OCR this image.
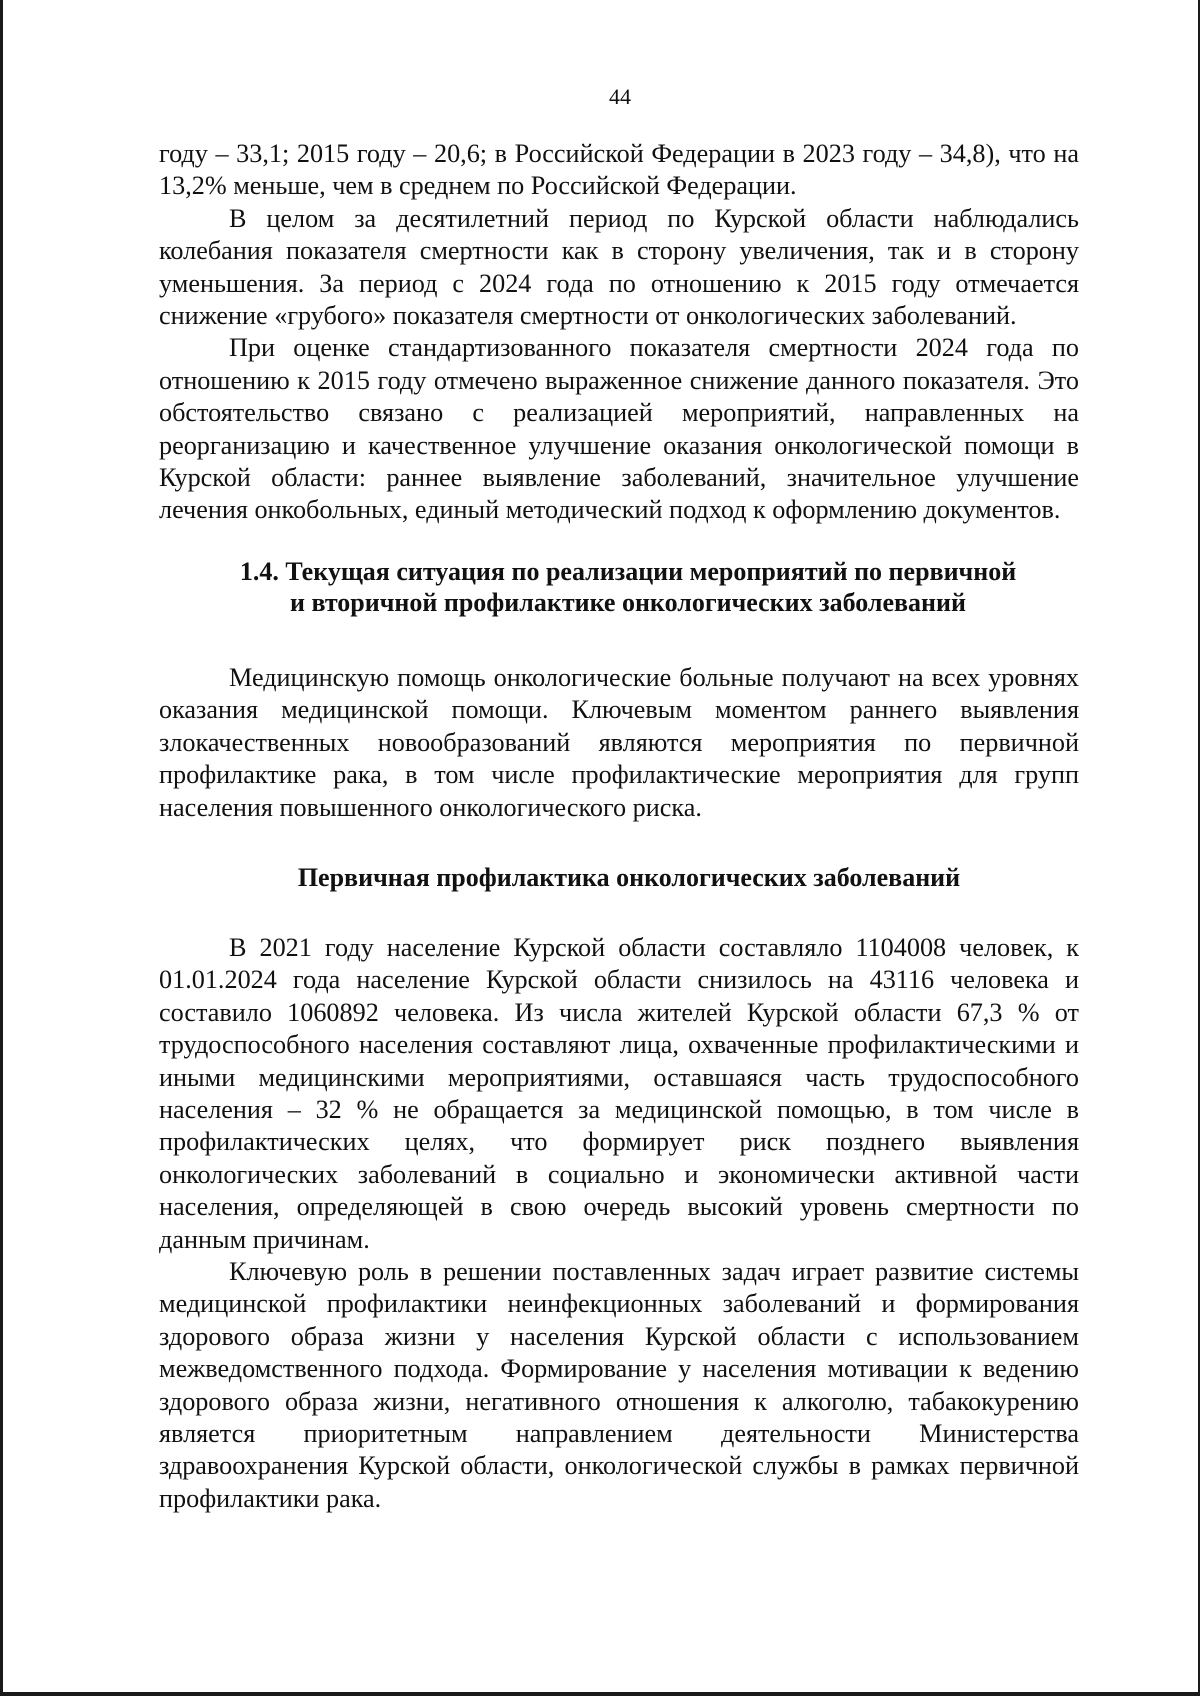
44

году – 33,1; 2015 году – 20,6; в Российской Федерации в 2023 году – 34,8), что на 13,2% меньше, чем в среднем по Российской Федерации.

В целом за десятилетний период по Курской области наблюдались колебания показателя смертности как в сторону увеличения, так и в сторону уменьшения. За период с 2024 года по отношению к 2015 году отмечается снижение «грубого» показателя смертности от онкологических заболеваний.

При оценке стандартизованного показателя смертности 2024 года по отношению к 2015 году отмечено выраженное снижение данного показателя. Это обстоятельство связано с реализацией мероприятий, направленных на реорганизацию и качественное улучшение оказания онкологической помощи в Курской области: раннее выявление заболеваний, значительное улучшение лечения онкобольных, единый методический подход к оформлению документов.

1.4. Текущая ситуация по реализации мероприятий по первичной
и вторичной профилактике онкологических заболеваний

Медицинскую помощь онкологические больные получают на всех уровнях оказания медицинской помощи. Ключевым моментом раннего выявления злокачественных новообразований являются мероприятия по первичной профилактике рака, в том числе профилактические мероприятия для групп населения повышенного онкологического риска.

Первичная профилактика онкологических заболеваний

В 2021 году население Курской области составляло 1104008 человек, к 01.01.2024 года население Курской области снизилось на 43116 человека и составило 1060892 человека. Из числа жителей Курской области 67,3 % от трудоспособного населения составляют лица, охваченные профилактическими и иными медицинскими мероприятиями, оставшаяся часть трудоспособного населения – 32 % не обращается за медицинской помощью, в том числе в профилактических целях, что формирует риск позднего выявления онкологических заболеваний в социально и экономически активной части населения, определяющей в свою очередь высокий уровень смертности по данным причинам.

Ключевую роль в решении поставленных задач играет развитие системы медицинской профилактики неинфекционных заболеваний и формирования здорового образа жизни у населения Курской области с использованием межведомственного подхода. Формирование у населения мотивации к ведению здорового образа жизни, негативного отношения к алкоголю, табакокурению является приоритетным направлением деятельности Министерства здравоохранения Курской области, онкологической службы в рамках первичной профилактики рака.
